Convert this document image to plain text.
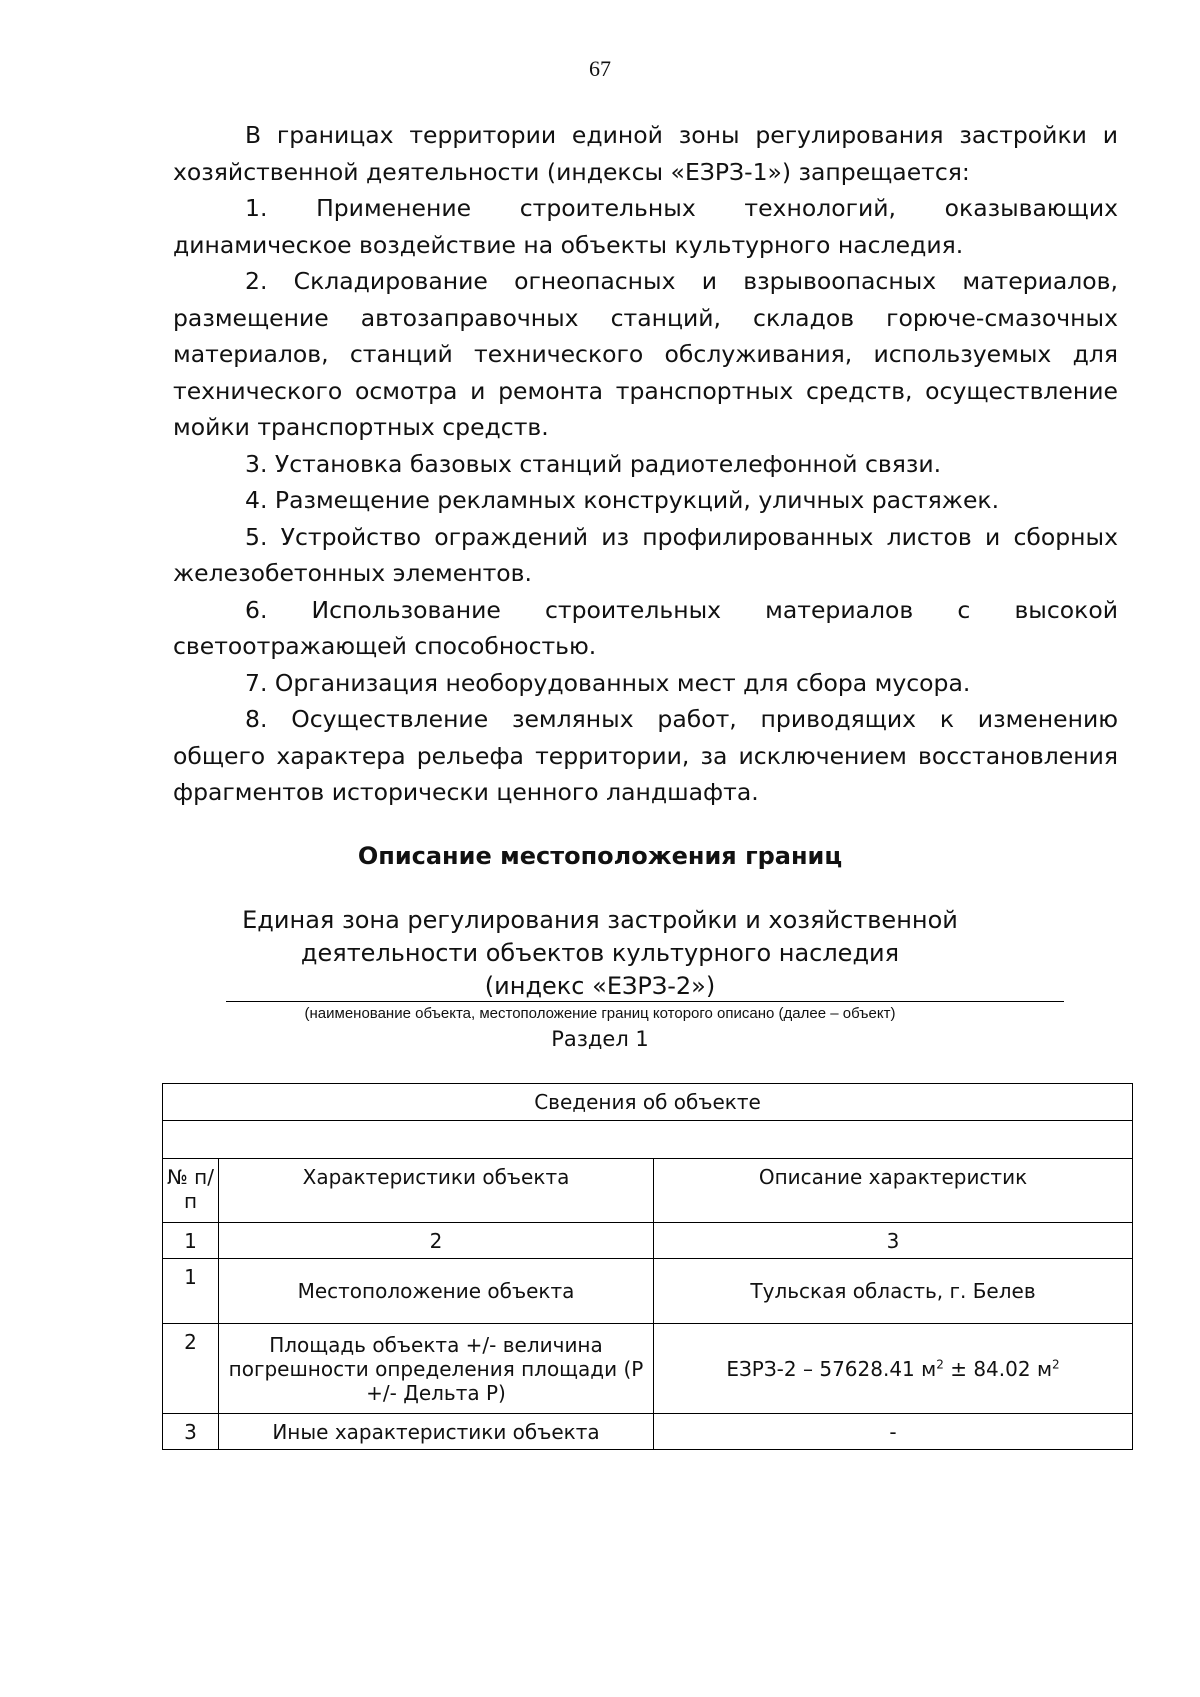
67

В границах территории единой зоны регулирования застройки и хозяйственной деятельности (индексы «ЕЗРЗ-1») запрещается:

1. Применение строительных технологий, оказывающих динамическое воздействие на объекты культурного наследия.

2. Складирование огнеопасных и взрывоопасных материалов, размещение автозаправочных станций, складов горюче-смазочных материалов, станций технического обслуживания, используемых для технического осмотра и ремонта транспортных средств, осуществление мойки транспортных средств.

3. Установка базовых станций радиотелефонной связи.

4. Размещение рекламных конструкций, уличных растяжек.

5. Устройство ограждений из профилированных листов и сборных железобетонных элементов.

6. Использование строительных материалов с высокой светоотражающей способностью.

7. Организация необорудованных мест для сбора мусора.

8. Осуществление земляных работ, приводящих к изменению общего характера рельефа территории, за исключением восстановления фрагментов исторически ценного ландшафта.

Описание местоположения границ
Единая зона регулирования застройки и хозяйственной
деятельности объектов культурного наследия
(индекс «ЕЗРЗ-2»)
(наименование объекта, местоположение границ которого описано (далее – объект)
Раздел 1
Сведения об объекте		

№ п/п	Характеристики объекта	Описание характеристик
1	2	3
1	Местоположение объекта	Тульская область, г. Белев
2	Площадь объекта +/- величина погрешности определения площади (Р +/- Дельта Р)	ЕЗРЗ-2 – 57628.41 $м^2 \pm 84.02$ $м^2$
3	Иные характеристики объекта	-
